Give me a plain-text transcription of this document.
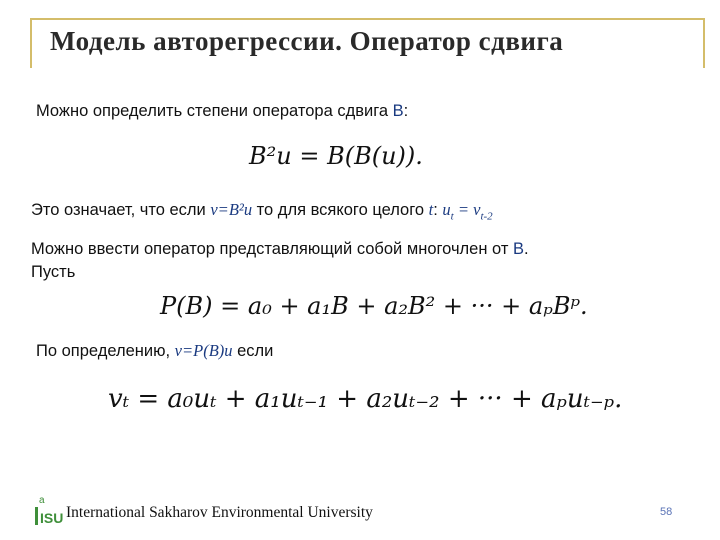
Модель авторегрессии. Оператор сдвига
Можно определить степени оператора сдвига B:
B²u = B(B(u)).
Это означает, что если v=B²u то для всякого целого t: $u_t = v_{t-2}$
Можно ввести оператор представляющий собой многочлен от B.
Пусть
P(B) = a₀ + a₁B + a₂B² + ··· + aₚBᵖ.
По определению, v=P(B)u если
vₜ = a₀uₜ + a₁uₜ₋₁ + a₂uₜ₋₂ + ··· + aₚuₜ₋ₚ.
a
ISU International Sakharov Environmental University	58
